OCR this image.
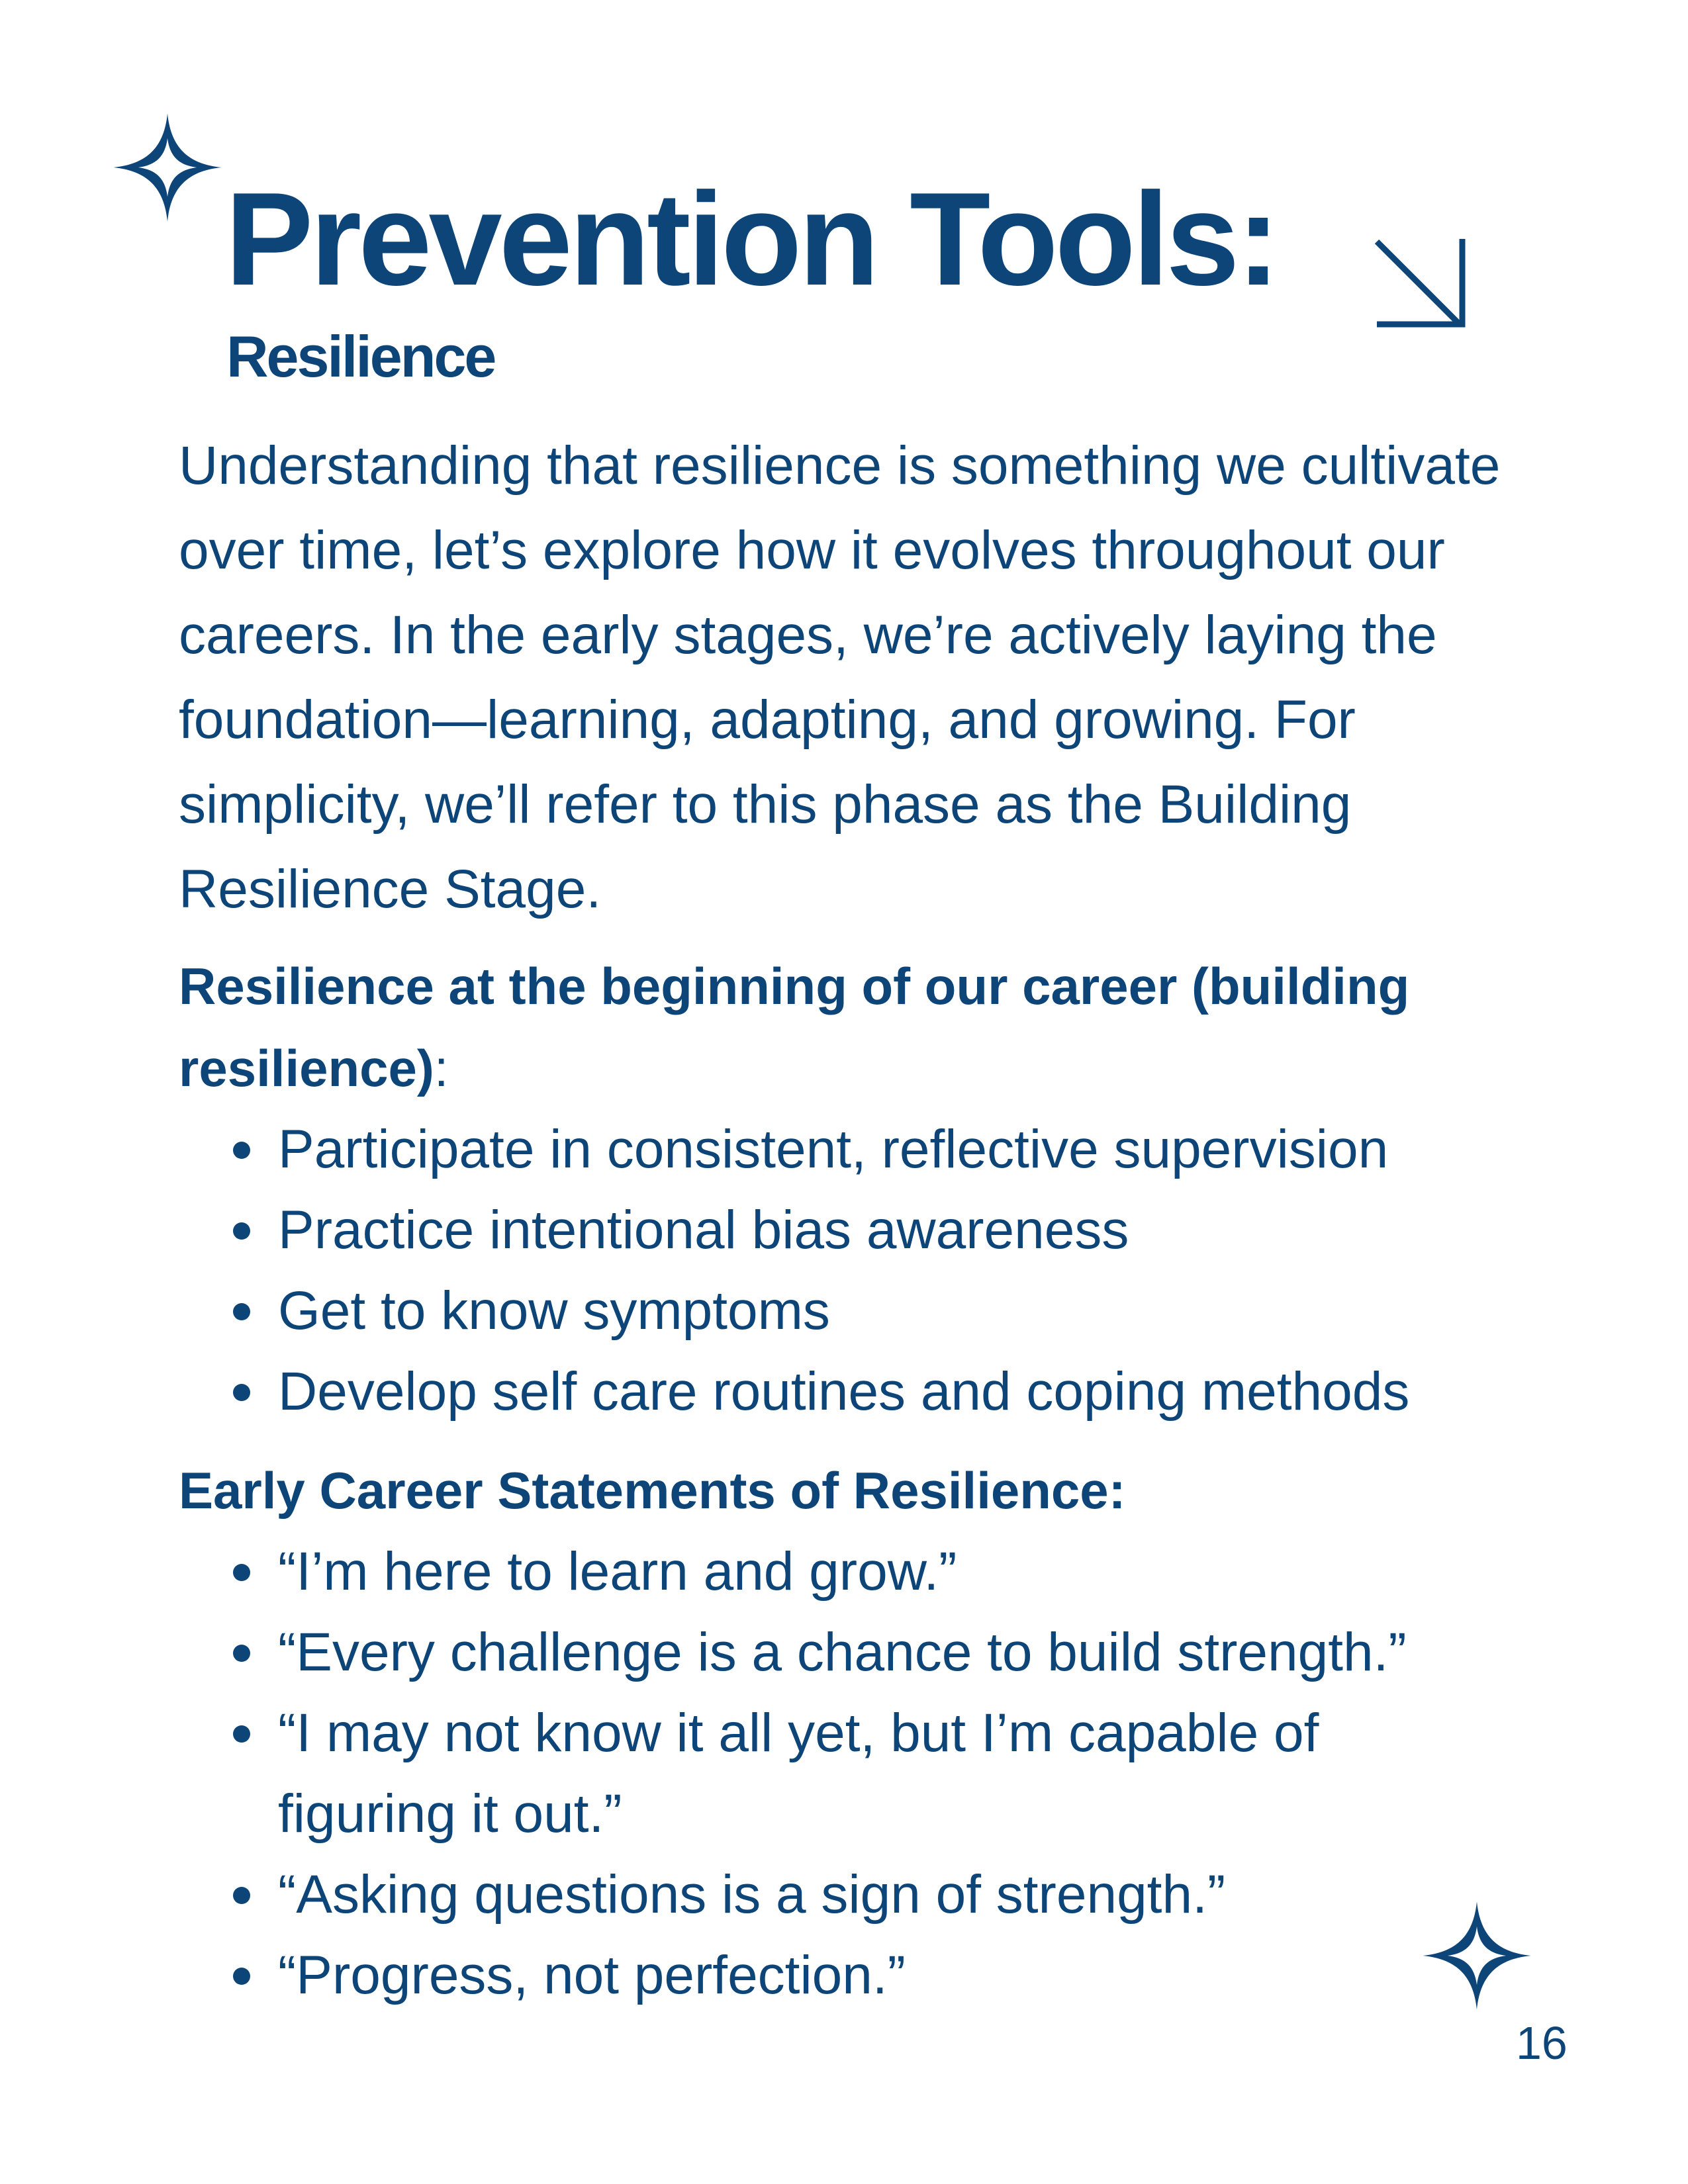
Prevention Tools:
Resilience

Understanding that resilience is something we cultivate over time, let’s explore how it evolves throughout our careers. In the early stages, we’re actively laying the foundation—learning, adapting, and growing. For simplicity, we’ll refer to this phase as the Building Resilience Stage.

Resilience at the beginning of our career (building resilience):

Participate in consistent, reflective supervision
Practice intentional bias awareness
Get to know symptoms
Develop self care routines and coping methods

Early Career Statements of Resilience:

“I’m here to learn and grow.”
“Every challenge is a chance to build strength.”
“I may not know it all yet, but I’m capable of figuring it out.”
“Asking questions is a sign of strength.”
“Progress, not perfection.”
16
